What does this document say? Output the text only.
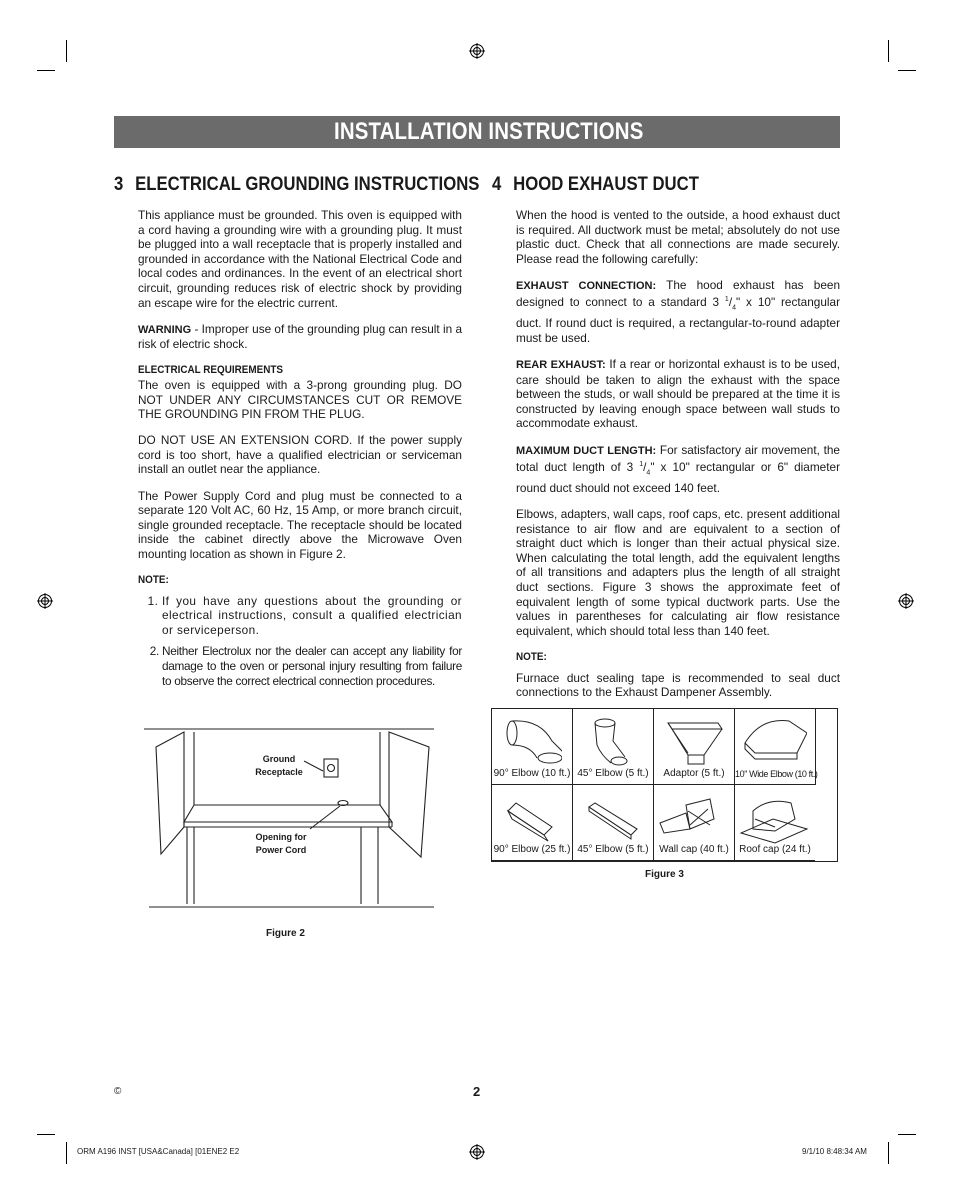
INSTALLATION INSTRUCTIONS
3 ELECTRICAL GROUNDING INSTRUCTIONS 4 HOOD EXHAUST DUCT

This appliance must be grounded. This oven is equipped with a cord having a grounding wire with a grounding plug. It must be plugged into a wall receptacle that is properly installed and grounded in accordance with the National Electrical Code and local codes and ordinances. In the event of an electrical short circuit, grounding reduces risk of electric shock by providing an escape wire for the electric current.

WARNING - Improper use of the grounding plug can result in a risk of electric shock.

ELECTRICAL REQUIREMENTS
The oven is equipped with a 3-prong grounding plug. DO NOT UNDER ANY CIRCUMSTANCES CUT OR REMOVE THE GROUNDING PIN FROM THE PLUG.

DO NOT USE AN EXTENSION CORD. If the power supply cord is too short, have a qualified electrician or serviceman install an outlet near the appliance.

The Power Supply Cord and plug must be connected to a separate 120 Volt AC, 60 Hz, 15 Amp, or more branch circuit, single grounded receptacle. The receptacle should be located inside the cabinet directly above the Microwave Oven mounting location as shown in Figure 2.

NOTE:

1. If you have any questions about the grounding or electrical instructions, consult a qualified electrician or serviceperson.
2. Neither Electrolux nor the dealer can accept any liability for damage to the oven or personal injury resulting from failure to observe the correct electrical connection procedures.

When the hood is vented to the outside, a hood exhaust duct is required. All ductwork must be metal; absolutely do not use plastic duct. Check that all connections are made securely. Please read the following carefully:

EXHAUST CONNECTION: The hood exhaust has been designed to connect to a standard 3 $^1/_4$" x 10" rectangular duct. If round duct is required, a rectangular-to-round adapter must be used.

REAR EXHAUST: If a rear or horizontal exhaust is to be used, care should be taken to align the exhaust with the space between the studs, or wall should be prepared at the time it is constructed by leaving enough space between wall studs to accommodate exhaust.

MAXIMUM DUCT LENGTH: For satisfactory air movement, the total duct length of 3 $^1/_4$" x 10" rectangular or 6" diameter round duct should not exceed 140 feet.

Elbows, adapters, wall caps, roof caps, etc. present additional resistance to air flow and are equivalent to a section of straight duct which is longer than their actual physical size. When calculating the total length, add the equivalent lengths of all transitions and adapters plus the length of all straight duct sections. Figure 3 shows the approximate feet of equivalent length of some typical ductwork parts. Use the values in parentheses for calculating air flow resistance equivalent, which should total less than 140 feet.

NOTE:

Furnace duct sealing tape is recommended to seal duct connections to the Exhaust Dampener Assembly.

Ground
Receptacle
Opening for
Power Cord
Figure 2
90° Elbow (10 ft.) 45° Elbow (5 ft.)	Adaptor (5 ft.)	10" Wide Elbow (10 ft.)
90° Elbow (25 ft.) 45° Elbow (5 ft.)	Wall cap (40 ft.)	Roof cap (24 ft.)
Figure 3
©	2
ORM A196 INST [USA&Canada] [01ENE2 E2	9/1/10 8:48:34 AM
